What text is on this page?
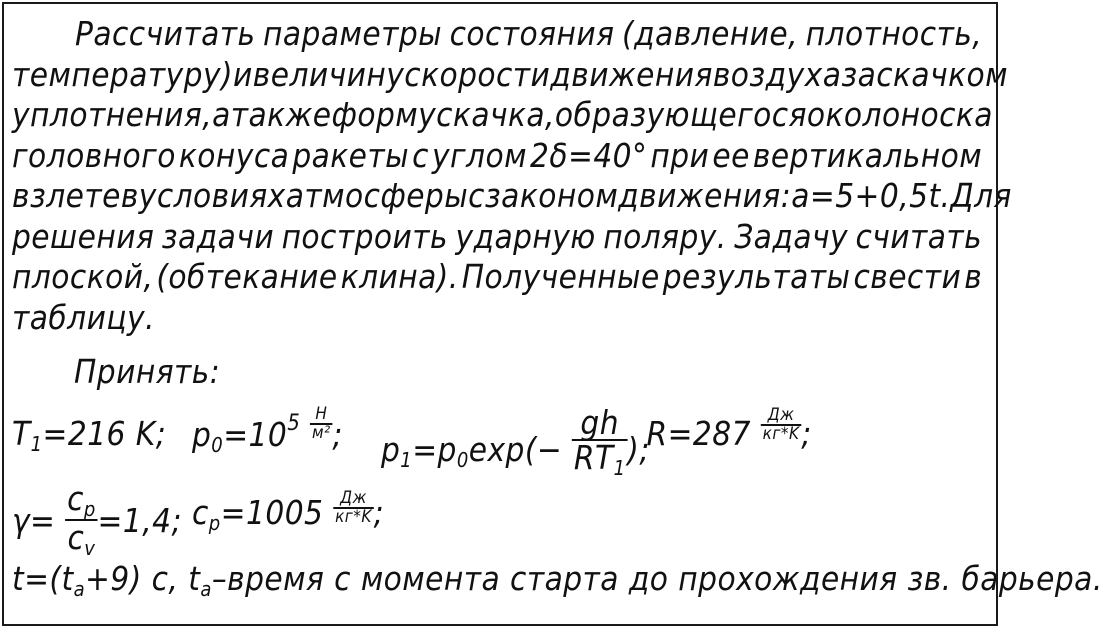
Рассчитать параметры состояния (давление, плотность,
температуру) и величину скорости движения воздуха за скачком
уплотнения, а также форму скачка, образующегося около носка
головного конуса ракеты с углом 2δ=40° при ее вертикальном
взлете в условиях атмосферы с законом движения: a=5+0,5t. Для
решения задачи построить ударную поляру. Задачу считать
плоской, (обтекание клина). Полученные результаты свести в
таблицу.
Принять:
$T_1=216$ K; $p_0=10^5 \frac{Н}{\text{м²}}$ ; $p_1=p_0\exp(- \frac{gh}{RT_1}$ );
$R=287 \frac{Дж}{кг*K}$ ;
$\gamma= \frac{c_p}{c_v} =1,4$; $c_p=1005 \frac{Дж}{кг*K}$ ;
$t=(t_a+9)$ c, $t_a$–время с момента старта до прохождения зв. барьера.
